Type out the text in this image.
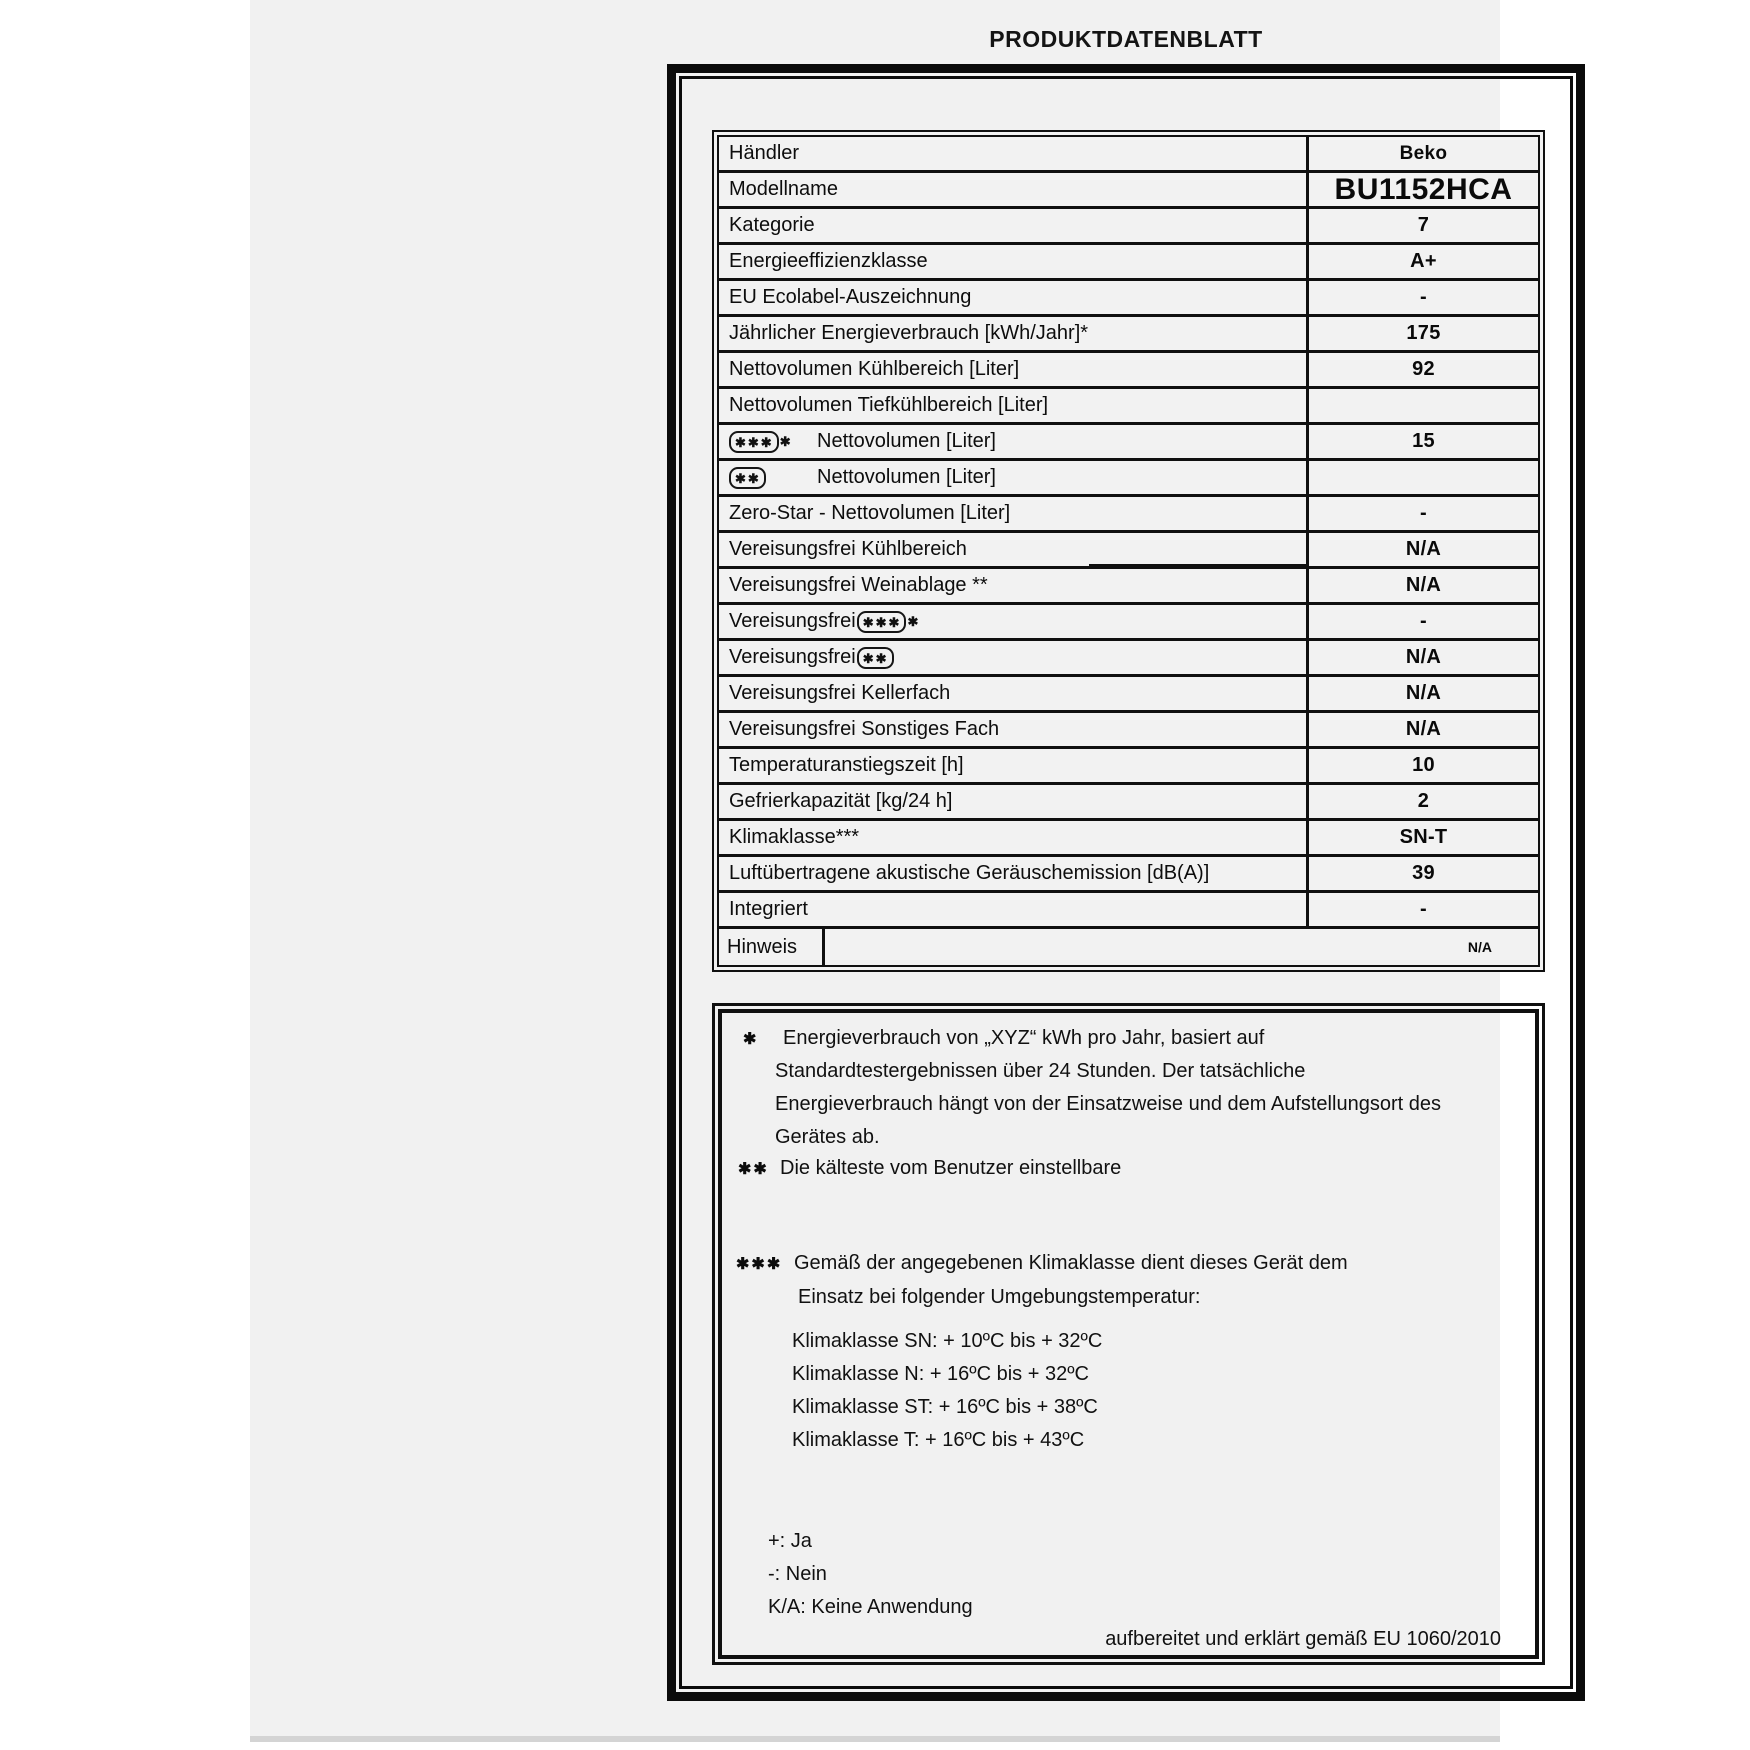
PRODUKTDATENBLATT
Händler	Beko
Modellname	BU1152HCA
Kategorie	7
Energieeffizienzklasse	A+
EU Ecolabel-Auszeichnung	-
Jährlicher Energieverbrauch [kWh/Jahr]*	175
Nettovolumen Kühlbereich [Liter]	92
Nettovolumen Tiefkühlbereich [Liter]
✱✱✱ ✱ Nettovolumen [Liter]	15
✱✱	Nettovolumen [Liter]
Zero-Star - Nettovolumen [Liter]	-
Vereisungsfrei Kühlbereich	N/A
Vereisungsfrei Weinablage **	N/A
Vereisungsfrei ✱✱✱ ✱	-
Vereisungsfrei ✱✱	N/A
Vereisungsfrei Kellerfach	N/A
Vereisungsfrei Sonstiges Fach	N/A
Temperaturanstiegszeit [h]	10
Gefrierkapazität [kg/24 h]	2
Klimaklasse***	SN-T
Luftübertragene akustische Geräuschemission [dB(A)]	39
Integriert	-
Hinweis	N/A
✱ Energieverbrauch von „XYZ“ kWh pro Jahr, basiert auf
Standardtestergebnissen über 24 Stunden. Der tatsächliche
Energieverbrauch hängt von der Einsatzweise und dem Aufstellungsort des
Gerätes ab.
✱✱ Die kälteste vom Benutzer einstellbare
✱✱✱ Gemäß der angegebenen Klimaklasse dient dieses Gerät dem
Einsatz bei folgender Umgebungstemperatur:
Klimaklasse SN: + 10ºC bis + 32ºC
Klimaklasse N: + 16ºC bis + 32ºC
Klimaklasse ST: + 16ºC bis + 38ºC
Klimaklasse T: + 16ºC bis + 43ºC
+: Ja
-: Nein
K/A: Keine Anwendung
aufbereitet und erklärt gemäß EU 1060/2010
